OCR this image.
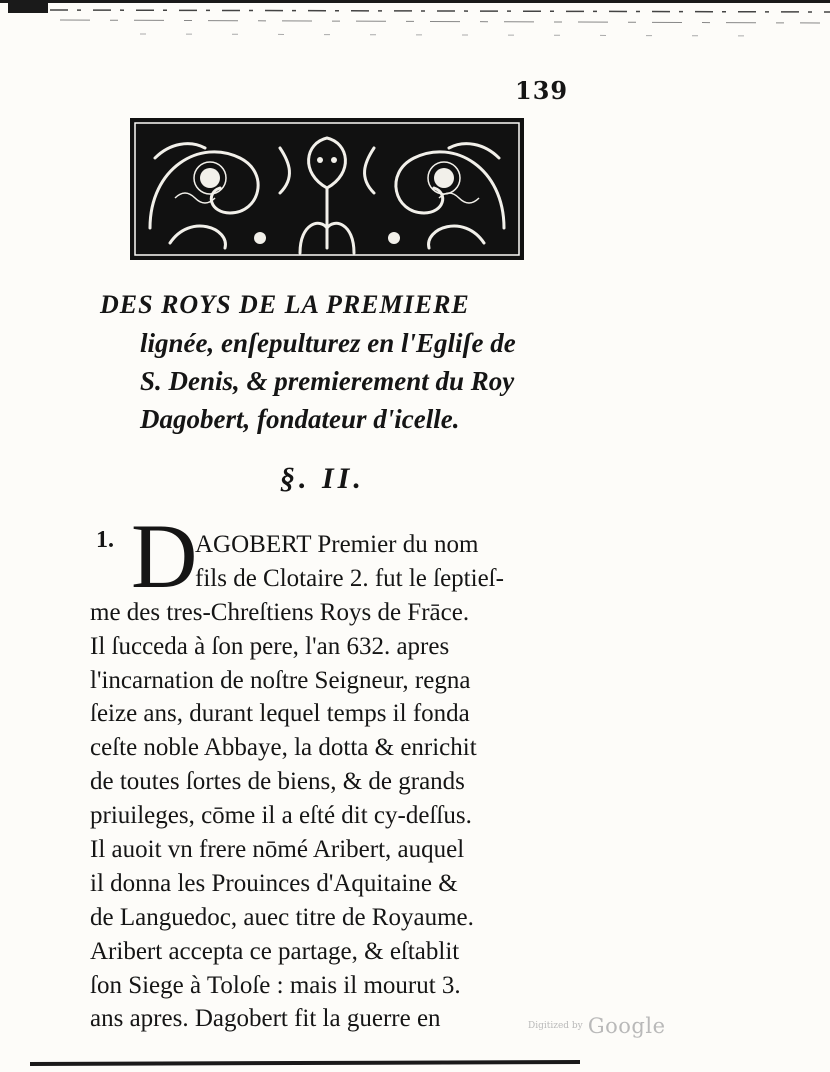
139
DES ROYS DE LA PREMIERE
lignée, enſepulturez en l'Egliſe de
S. Denis, & premierement du Roy
Dagobert, fondateur d'icelle.
§. II.
1. D
AGOBERT Premier du nom
fils de Clotaire 2. fut le ſeptieſ-
me des tres-Chreſtiens Roys de Frāce.
Il ſucceda à ſon pere, l'an 632. apres
l'incarnation de noſtre Seigneur, regna
ſeize ans, durant lequel temps il fonda
ceſte noble Abbaye, la dotta & enrichit
de toutes ſortes de biens, & de grands
priuileges, cōme il a eſté dit cy-deſſus.
Il auoit vn frere nōmé Aribert, auquel
il donna les Prouinces d'Aquitaine &
de Languedoc, auec titre de Royaume.
Aribert accepta ce partage, & eſtablit
ſon Siege à Toloſe : mais il mourut 3.
ans apres. Dagobert fit la guerre en	Digitized by Google
